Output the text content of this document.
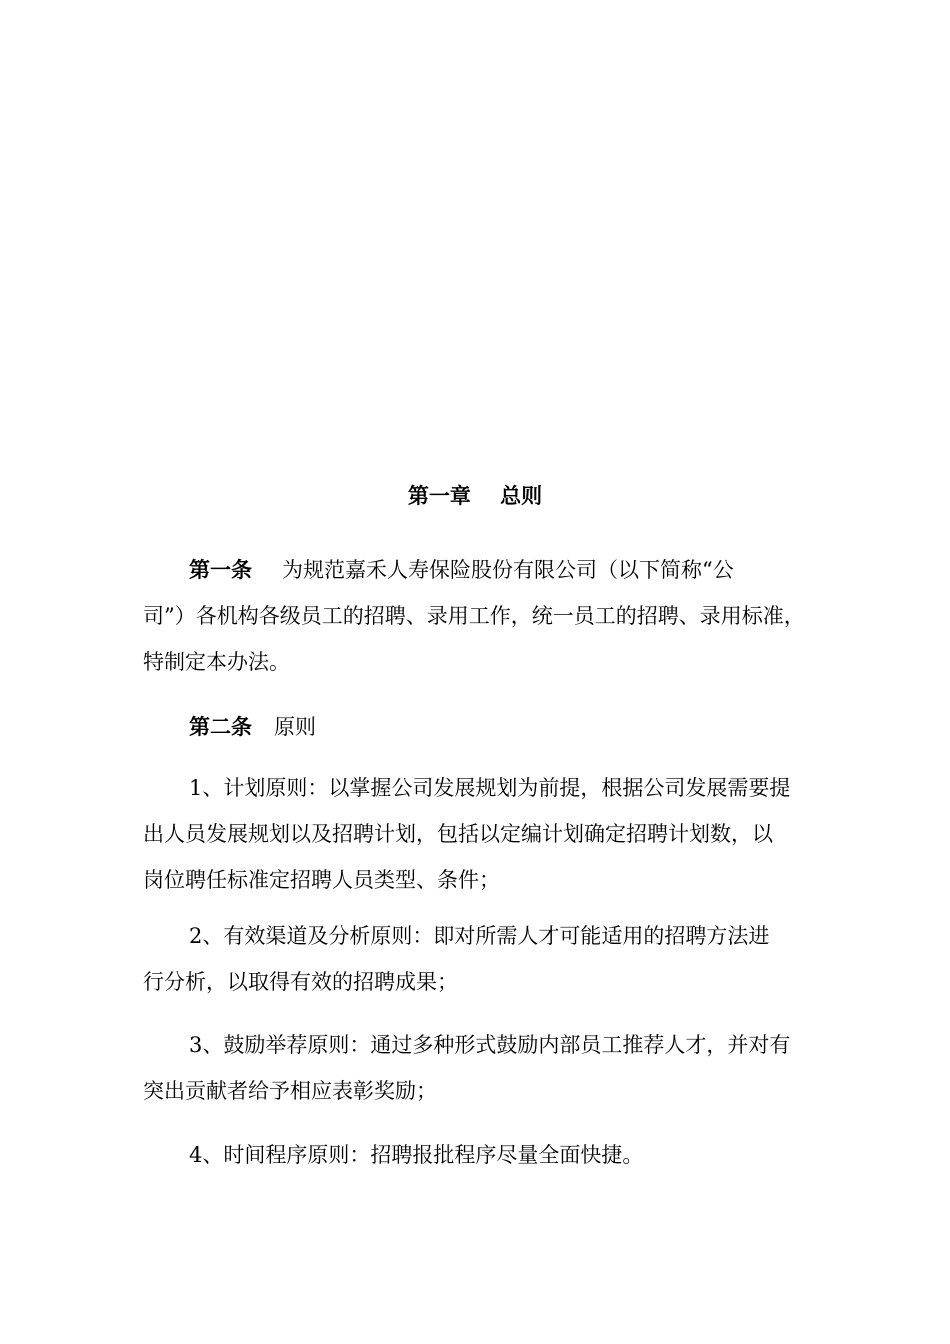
第一章    总则
第一条 为规范嘉禾人寿保险股份有限公司（以下简称“公
司”）各机构各级员工的招聘、录用工作，统一员工的招聘、录用标准，
特制定本办法。
第二条 原则
1、计划原则：以掌握公司发展规划为前提，根据公司发展需要提
出人员发展规划以及招聘计划，包括以定编计划确定招聘计划数，以
岗位聘任标准定招聘人员类型、条件；
2、有效渠道及分析原则：即对所需人才可能适用的招聘方法进
行分析，以取得有效的招聘成果；
3、鼓励举荐原则：通过多种形式鼓励内部员工推荐人才，并对有
突出贡献者给予相应表彰奖励；
4、时间程序原则：招聘报批程序尽量全面快捷。
